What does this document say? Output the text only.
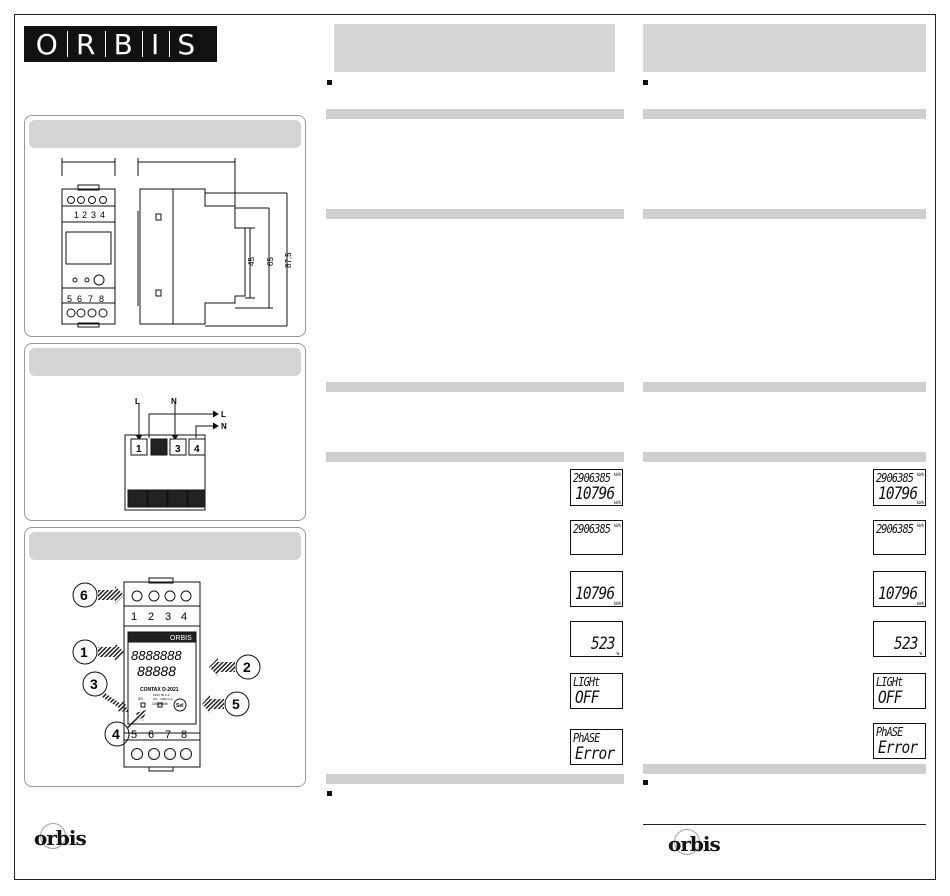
O R B I S ®
1 2 3 4
5 6 7 8
45 65 87,5
1	3 4
L	N
L
N
6
1
2
3
5
4
1 2 3 4
5 6 7 8
ORBIS
8888888
88888
CONTAX D-2021
230V 50 A·1
Cl1 · 1000 imp
3S
1000/kWh Sel
orbis
2906385
10796
kWh
kWh
2906385 kWh
10796 kWh
523 W
LIGHt
OFF
PhASE
Error
2906385
10796
kWh
kWh
2906385 kWh
10796 kWh
523 W
LIGHt
OFF
PhASE
Error
orbis
